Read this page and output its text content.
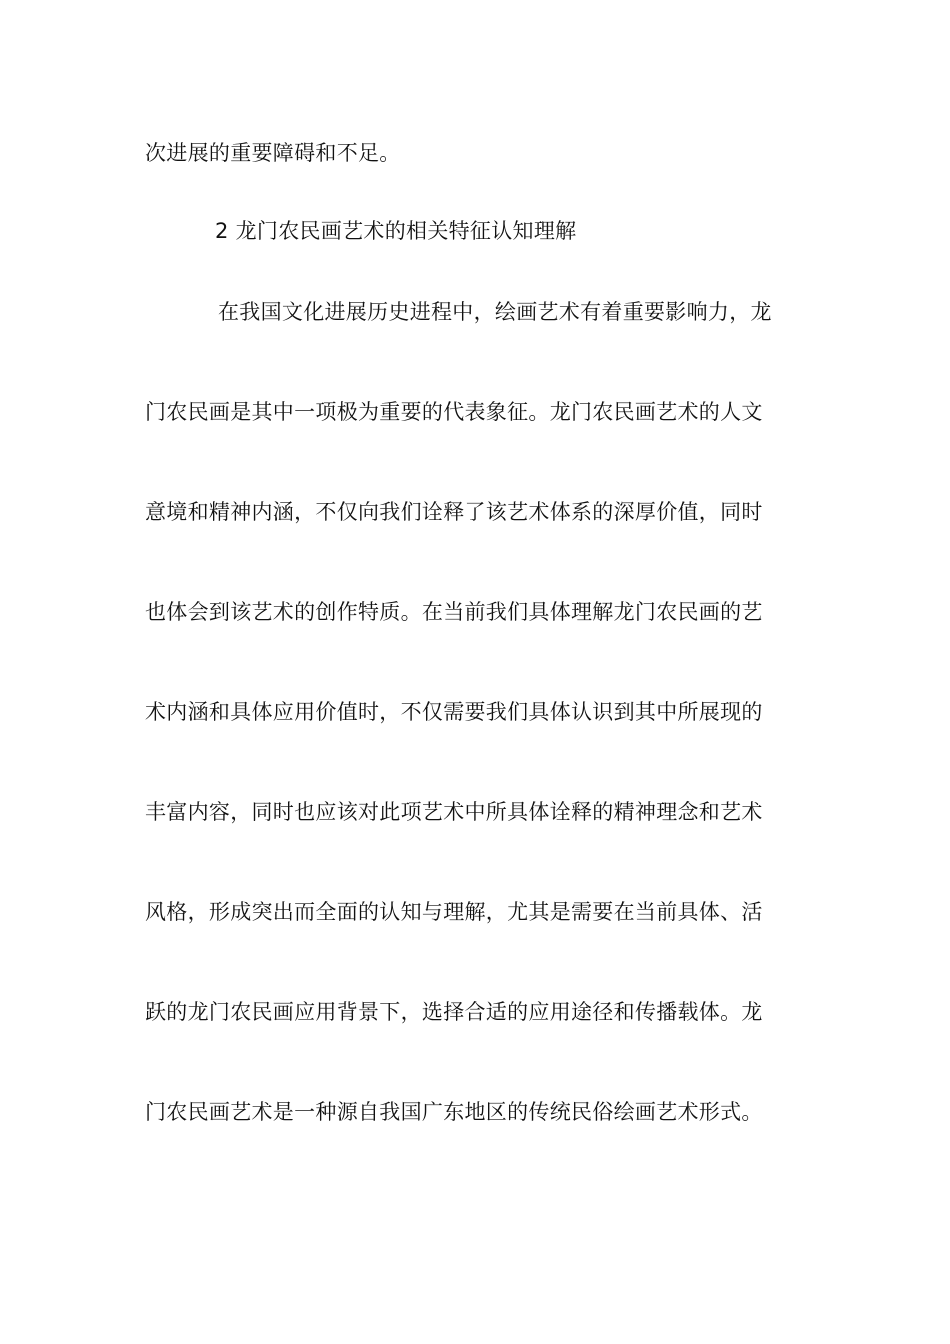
次进展的重要障碍和不足。
2 龙门农民画艺术的相关特征认知理解
在我国文化进展历史进程中，绘画艺术有着重要影响力，龙
门农民画是其中一项极为重要的代表象征。龙门农民画艺术的人文
意境和精神内涵，不仅向我们诠释了该艺术体系的深厚价值，同时
也体会到该艺术的创作特质。在当前我们具体理解龙门农民画的艺
术内涵和具体应用价值时，不仅需要我们具体认识到其中所展现的
丰富内容，同时也应该对此项艺术中所具体诠释的精神理念和艺术
风格，形成突出而全面的认知与理解，尤其是需要在当前具体、活
跃的龙门农民画应用背景下，选择合适的应用途径和传播载体。龙
门农民画艺术是一种源自我国广东地区的传统民俗绘画艺术形式。
